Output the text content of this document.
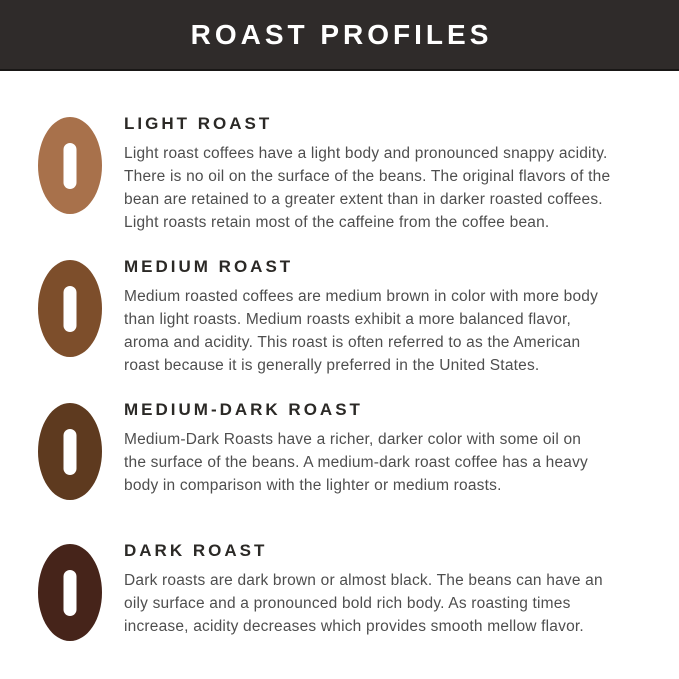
ROAST PROFILES
LIGHT ROAST
Light roast coffees have a light body and pronounced snappy acidity.
There is no oil on the surface of the beans. The original flavors of the
bean are retained to a greater extent than in darker roasted coffees.
Light roasts retain most of the caffeine from the coffee bean.
MEDIUM ROAST
Medium roasted coffees are medium brown in color with more body
than light roasts. Medium roasts exhibit a more balanced flavor,
aroma and acidity. This roast is often referred to as the American
roast because it is generally preferred in the United States.
MEDIUM-DARK ROAST
Medium-Dark Roasts have a richer, darker color with some oil on
the surface of the beans. A medium-dark roast coffee has a heavy
body in comparison with the lighter or medium roasts.
DARK ROAST
Dark roasts are dark brown or almost black. The beans can have an
oily surface and a pronounced bold rich body. As roasting times
increase, acidity decreases which provides smooth mellow flavor.
